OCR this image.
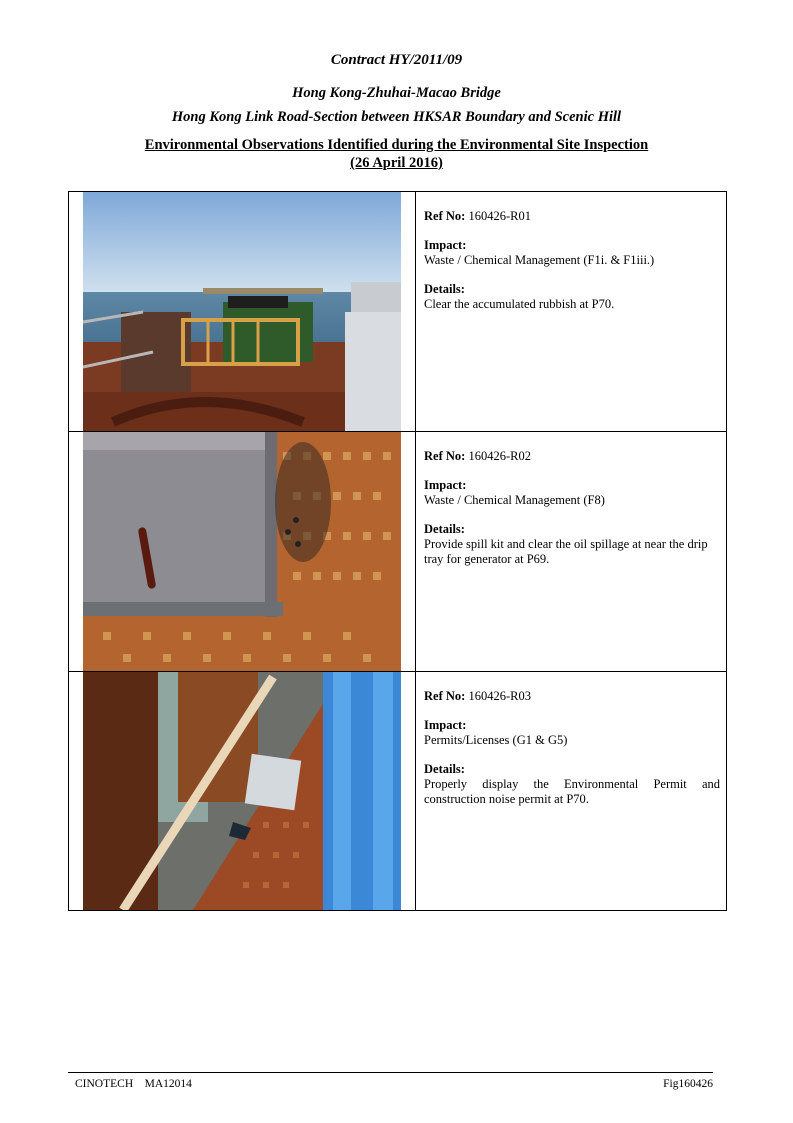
Contract HY/2011/09
Hong Kong-Zhuhai-Macao Bridge
Hong Kong Link Road-Section between HKSAR Boundary and Scenic Hill
Environmental Observations Identified during the Environmental Site Inspection
(26 April 2016)
Ref No: 160426-R01
Impact:
Waste / Chemical Management (F1i. & F1iii.)
Details:
Clear the accumulated rubbish at P70.
Ref No: 160426-R02
Impact:
Waste / Chemical Management (F8)
Details:
Provide spill kit and clear the oil spillage at near the drip tray for generator at P69.
Ref No: 160426-R03
Impact:
Permits/Licenses (G1 & G5)
Details:
Properly display the Environmental Permit and construction noise permit at P70.
CINOTECH MA12014	Fig160426
